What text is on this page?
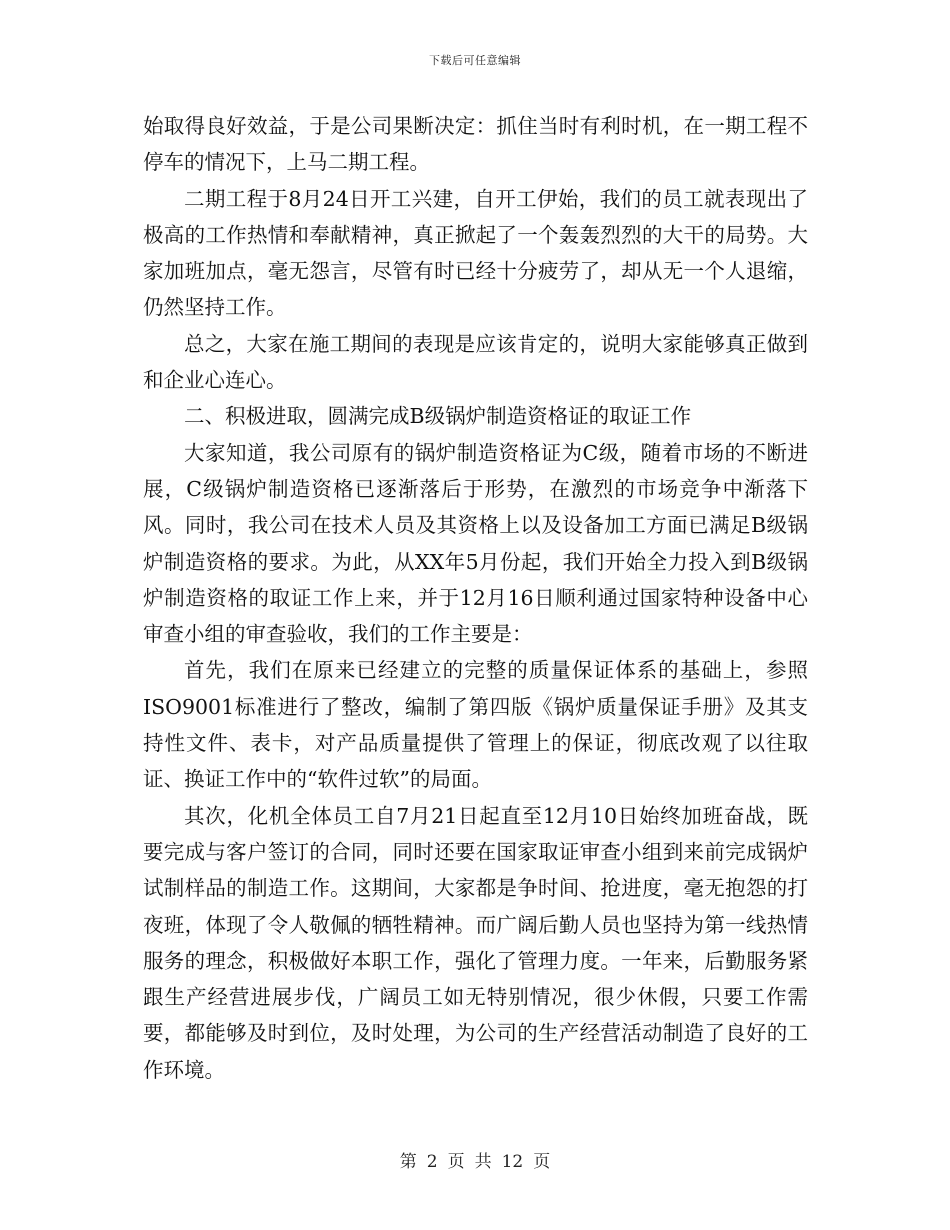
下载后可任意编辑

始取得良好效益，于是公司果断决定：抓住当时有利时机，在一期工程不停车的情况下，上马二期工程。

二期工程于8月24日开工兴建，自开工伊始，我们的员工就表现出了极高的工作热情和奉献精神，真正掀起了一个轰轰烈烈的大干的局势。大家加班加点，毫无怨言，尽管有时已经十分疲劳了，却从无一个人退缩，仍然坚持工作。

总之，大家在施工期间的表现是应该肯定的，说明大家能够真正做到和企业心连心。

二、积极进取，圆满完成B级锅炉制造资格证的取证工作

大家知道，我公司原有的锅炉制造资格证为C级，随着市场的不断进展，C级锅炉制造资格已逐渐落后于形势，在激烈的市场竞争中渐落下风。同时，我公司在技术人员及其资格上以及设备加工方面已满足B级锅炉制造资格的要求。为此，从XX年5月份起，我们开始全力投入到B级锅炉制造资格的取证工作上来，并于12月16日顺利通过国家特种设备中心审查小组的审查验收，我们的工作主要是：

首先，我们在原来已经建立的完整的质量保证体系的基础上，参照ISO9001标准进行了整改，编制了第四版《锅炉质量保证手册》及其支持性文件、表卡，对产品质量提供了管理上的保证，彻底改观了以往取证、换证工作中的“软件过软”的局面。

其次，化机全体员工自7月21日起直至12月10日始终加班奋战，既要完成与客户签订的合同，同时还要在国家取证审查小组到来前完成锅炉试制样品的制造工作。这期间，大家都是争时间、抢进度，毫无抱怨的打夜班，体现了令人敬佩的牺牲精神。而广阔后勤人员也坚持为第一线热情服务的理念，积极做好本职工作，强化了管理力度。一年来，后勤服务紧跟生产经营进展步伐，广阔员工如无特别情况，很少休假，只要工作需要，都能够及时到位，及时处理，为公司的生产经营活动制造了良好的工作环境。

第 2 页 共 12 页
